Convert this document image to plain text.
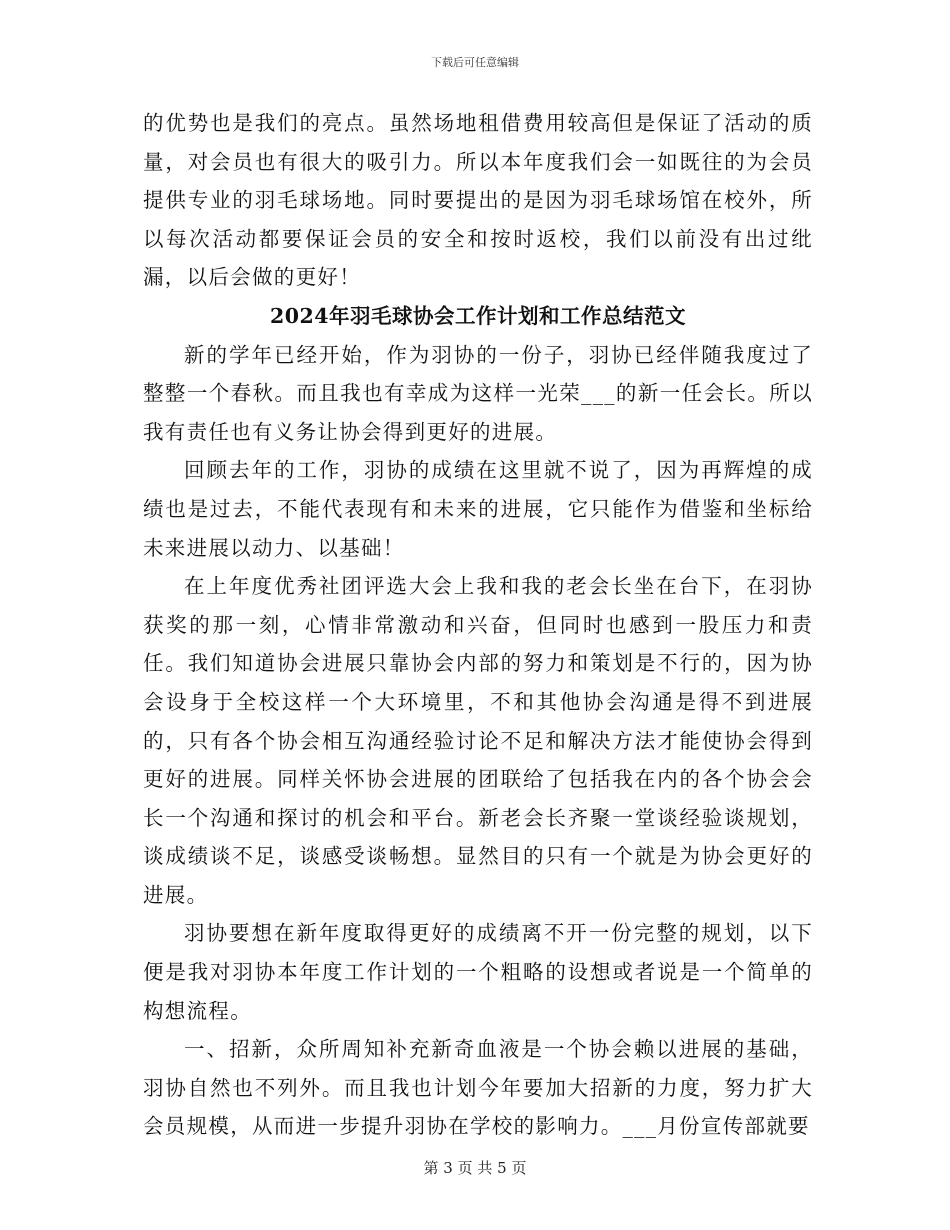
下载后可任意编辑

的优势也是我们的亮点。虽然场地租借费用较高但是保证了活动的质量，对会员也有很大的吸引力。所以本年度我们会一如既往的为会员提供专业的羽毛球场地。同时要提出的是因为羽毛球场馆在校外，所以每次活动都要保证会员的安全和按时返校，我们以前没有出过纰漏，以后会做的更好！

2024年羽毛球协会工作计划和工作总结范文

新的学年已经开始，作为羽协的一份子，羽协已经伴随我度过了整整一个春秋。而且我也有幸成为这样一光荣___的新一任会长。所以我有责任也有义务让协会得到更好的进展。

回顾去年的工作，羽协的成绩在这里就不说了，因为再辉煌的成绩也是过去，不能代表现有和未来的进展，它只能作为借鉴和坐标给未来进展以动力、以基础！

在上年度优秀社团评选大会上我和我的老会长坐在台下，在羽协获奖的那一刻，心情非常激动和兴奋，但同时也感到一股压力和责任。我们知道协会进展只靠协会内部的努力和策划是不行的，因为协会设身于全校这样一个大环境里，不和其他协会沟通是得不到进展的，只有各个协会相互沟通经验讨论不足和解决方法才能使协会得到更好的进展。同样关怀协会进展的团联给了包括我在内的各个协会会长一个沟通和探讨的机会和平台。新老会长齐聚一堂谈经验谈规划，谈成绩谈不足，谈感受谈畅想。显然目的只有一个就是为协会更好的进展。

羽协要想在新年度取得更好的成绩离不开一份完整的规划，以下便是我对羽协本年度工作计划的一个粗略的设想或者说是一个简单的构想流程。

一、招新，众所周知补充新奇血液是一个协会赖以进展的基础，羽协自然也不列外。而且我也计划今年要加大招新的力度，努力扩大会员规模，从而进一步提升羽协在学校的影响力。___月份宣传部就要

第 3 页 共 5 页
